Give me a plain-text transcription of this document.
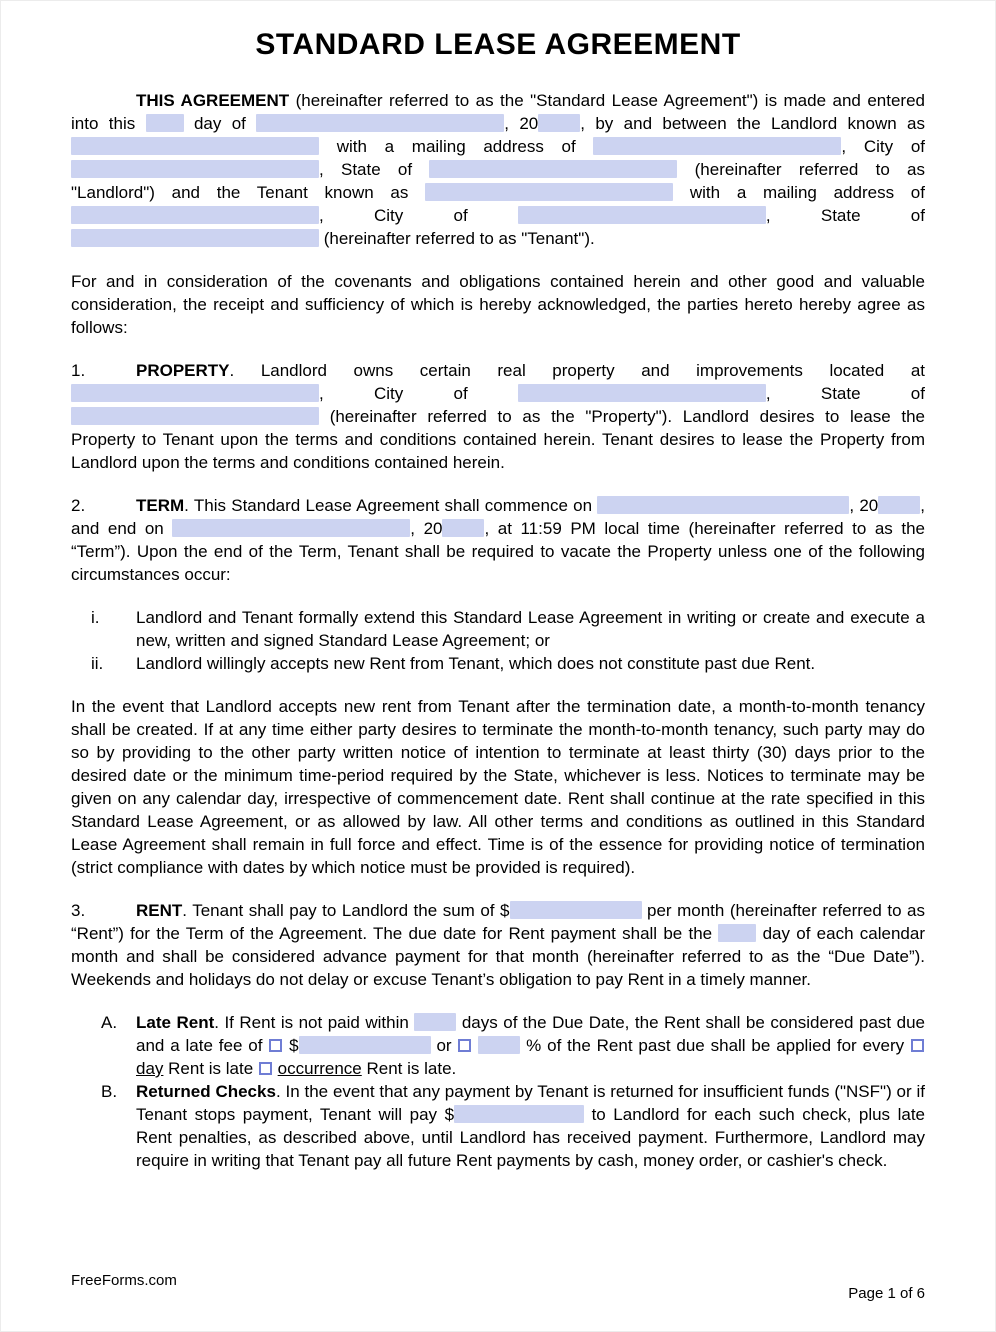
STANDARD LEASE AGREEMENT

THIS AGREEMENT (hereinafter referred to as the "Standard Lease Agreement") is made and entered into this  day of	, 20 , by and between the Landlord known as  with a mailing address of	, City of , State of	(hereinafter referred to as "Landlord") and the Tenant known as	with a mailing address of , City of	, State of  (hereinafter referred to as "Tenant").

For and in consideration of the covenants and obligations contained herein and other good and valuable consideration, the receipt and sufficiency of which is hereby acknowledged, the parties hereto hereby agree as follows:

1.	PROPERTY. Landlord owns certain real property and improvements located at , City of	, State of  (hereinafter referred to as the "Property"). Landlord desires to lease the Property to Tenant upon the terms and conditions contained herein. Tenant desires to lease the Property from Landlord upon the terms and conditions contained herein.

2.	TERM. This Standard Lease Agreement shall commence on	, 20 , and end on	, 20 , at 11:59 PM local time (hereinafter referred to as the “Term”). Upon the end of the Term, Tenant shall be required to vacate the Property unless one of the following circumstances occur:

i. Landlord and Tenant formally extend this Standard Lease Agreement in writing or create and execute a new, written and signed Standard Lease Agreement; or

ii. Landlord willingly accepts new Rent from Tenant, which does not constitute past due Rent.

In the event that Landlord accepts new rent from Tenant after the termination date, a month-to-month tenancy shall be created. If at any time either party desires to terminate the month-to-month tenancy, such party may do so by providing to the other party written notice of intention to terminate at least thirty (30) days prior to the desired date or the minimum time-period required by the State, whichever is less. Notices to terminate may be given on any calendar day, irrespective of commencement date. Rent shall continue at the rate specified in this Standard Lease Agreement, or as allowed by law. All other terms and conditions as outlined in this Standard Lease Agreement shall remain in full force and effect. Time is of the essence for providing notice of termination (strict compliance with dates by which notice must be provided is required).

3.	RENT. Tenant shall pay to Landlord the sum of $	per month (hereinafter referred to as “Rent”) for the Term of the Agreement. The due date for Rent payment shall be the  day of each calendar month and shall be considered advance payment for that month (hereinafter referred to as the “Due Date”). Weekends and holidays do not delay or excuse Tenant’s obligation to pay Rent in a timely manner.

A. Late Rent. If Rent is not paid within  days of the Due Date, the Rent shall be considered past due and a late fee of  $	or	% of the Rent past due shall be applied for every  day Rent is late  occurrence Rent is late.

B. Returned Checks. In the event that any payment by Tenant is returned for insufficient funds ("NSF") or if Tenant stops payment, Tenant will pay $	to Landlord for each such check, plus late Rent penalties, as described above, until Landlord has received payment. Furthermore, Landlord may require in writing that Tenant pay all future Rent payments by cash, money order, or cashier's check.

FreeForms.com
Page 1 of 6
